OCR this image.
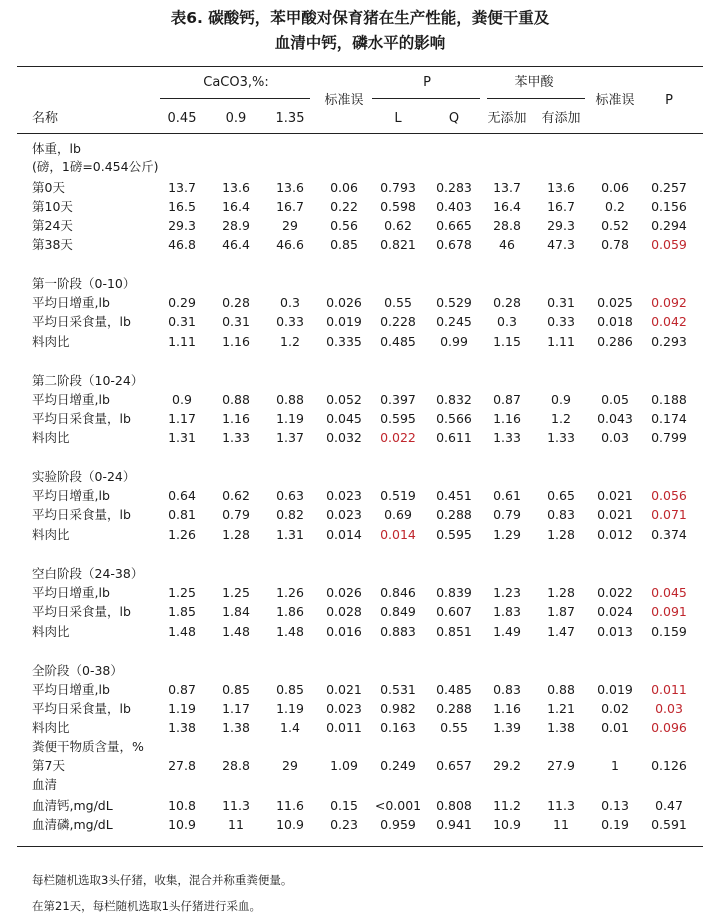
表6. 碳酸钙，苯甲酸对保育猪在生产性能，粪便干重及
血清中钙，磷水平的影响
CaCO3,%:	P	苯甲酸
标准误	标准误 P
名称	0.45 0.9 1.35	L	Q 无添加 有添加
体重，lb
(磅，1磅=0.454公斤)
第0天	13.7 13.6 13.6 0.06 0.793 0.283 13.7 13.6 0.06 0.257
第10天	16.5 16.4 16.7 0.22 0.598 0.403 16.4 16.7 0.2 0.156
第24天	29.3 28.9	29	0.56 0.62 0.665 28.8 29.3 0.52 0.294
第38天	46.8 46.4 46.6 0.85 0.821 0.678 46	47.3 0.78 0.059
第一阶段（0-10）
平均日增重,lb	0.29 0.28 0.3 0.026 0.55 0.529 0.28 0.31 0.025 0.092
平均日采食量，lb	0.31 0.31 0.33 0.019 0.228 0.245 0.3 0.33 0.018 0.042
料肉比	1.11 1.16 1.2 0.335 0.485 0.99 1.15 1.11 0.286 0.293
第二阶段（10-24）
平均日增重,lb	0.9 0.88 0.88 0.052 0.397 0.832 0.87 0.9 0.05 0.188
平均日采食量，lb	1.17 1.16 1.19 0.045 0.595 0.566 1.16 1.2 0.043 0.174
料肉比	1.31 1.33 1.37 0.032 0.022 0.611 1.33 1.33 0.03 0.799
实验阶段（0-24）
平均日增重,lb	0.64 0.62 0.63 0.023 0.519 0.451 0.61 0.65 0.021 0.056
平均日采食量，lb	0.81 0.79 0.82 0.023 0.69 0.288 0.79 0.83 0.021 0.071
料肉比	1.26 1.28 1.31 0.014 0.014 0.595 1.29 1.28 0.012 0.374
空白阶段（24-38）
平均日增重,lb	1.25 1.25 1.26 0.026 0.846 0.839 1.23 1.28 0.022 0.045
平均日采食量，lb	1.85 1.84 1.86 0.028 0.849 0.607 1.83 1.87 0.024 0.091
料肉比	1.48 1.48 1.48 0.016 0.883 0.851 1.49 1.47 0.013 0.159
全阶段（0-38）
平均日增重,lb	0.87 0.85 0.85 0.021 0.531 0.485 0.83 0.88 0.019 0.011
平均日采食量，lb	1.19 1.17 1.19 0.023 0.982 0.288 1.16 1.21 0.02 0.03
料肉比	1.38 1.38 1.4 0.011 0.163 0.55 1.39 1.38 0.01 0.096
粪便干物质含量，%
第7天	27.8 28.8	29	1.09 0.249 0.657 29.2 27.9	1	0.126
血清
血清钙,mg/dL	10.8 11.3 11.6 0.15 <0.001 0.808 11.2 11.3 0.13 0.47
血清磷,mg/dL	10.9	11	10.9 0.23 0.959 0.941 10.9	11	0.19 0.591
每栏随机选取3头仔猪，收集，混合并称重粪便量。
在第21天，每栏随机选取1头仔猪进行采血。
